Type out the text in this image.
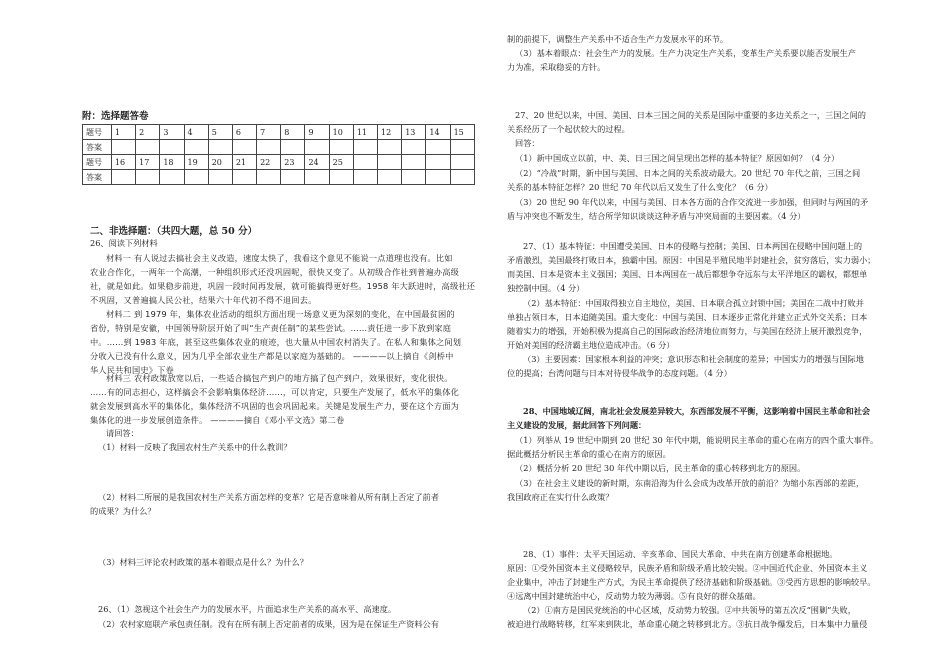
附：选择题答卷
题号	1	2	3	4	5	6	7	8	9	10	11	12	13	14	15
答案															
题号	16	17	18	19	20	21	22	23	24	25					
答案															
二、非选择题：（共四大题，总 50 分）

26、阅读下列材料

材料一 有人说过去搞社会主义改造，速度太快了，我看这个意见不能说一点道理也没有。比如

农业合作化，一两年一个高潮，一种组织形式还没巩固呢，很快又变了。从初级合作社到普遍办高级

社，就是如此。如果稳步前进，巩固一段时间再发展，就可能搞得更好些。1958 年大跃进时，高级社还

不巩固，又普遍搞人民公社，结果六十年代初不得不退回去。

材料二 到 1979 年，集体农业活动的组织方面出现一场意义更为深刻的变化，在中国最贫困的

省份，特别是安徽，中国领导阶层开始了叫“生产责任制”的某些尝试。……责任进一步下放到家庭

中。……到 1983 年底，甚至这些集体农业的痕迹，也大量从中国农村消失了。在私人和集体之间划

分收入已没有什么意义，因为几乎全部农业生产都是以家庭为基础的。 ————以上摘自《剑桥中

华人民共和国史》下卷

材料三 农村政策放宽以后，一些适合搞包产到户的地方搞了包产到户，效果很好，变化很快。

……有的同志担心，这样搞会不会影响集体经济……，可以肯定，只要生产发展了，低水平的集体化

就会发展到高水平的集体化，集体经济不巩固的也会巩固起来。关键是发展生产力，要在这个方面为

集体化的进一步发展创造条件。 ————摘自《邓小平文选》第二卷

请回答：

（1）材料一反映了我国农村生产关系中的什么教训？

（2）材料二所展的是我国农村生产关系方面怎样的变革？它是否意味着从所有制上否定了前者

的成果？为什么？

（3）材料三评论农村政策的基本着眼点是什么？为什么？

26、（1）忽视这个社会生产力的发展水平，片面追求生产关系的高水平、高速度。

（2）农村家庭联产承包责任制。没有在所有制上否定前者的成果，因为是在保证生产资料公有

制的前提下，调整生产关系中不适合生产力发展水平的环节。

（3）基本着眼点：社会生产力的发展。生产力决定生产关系，变革生产关系要以能否发展生产

力为准，采取稳妥的方针。

27、20 世纪以来，中国、美国、日本三国之间的关系是国际中重要的多边关系之一，三国之间的

关系经历了一个起伏较大的过程。

回答：

（1）新中国成立以前，中、美、日三国之间呈现出怎样的基本特征？原因如何？（4 分）

（2）“冷战”时期，新中国与美国、日本之间的关系波动最大。20 世纪 70 年代之前，三国之间

关系的基本特征怎样？20 世纪 70 年代以后又发生了什么变化？（6 分）

（3）20 世纪 90 年代以来，中国与美国、日本各方面的合作交流进一步加强，但同时与两国的矛

盾与冲突也不断发生，结合所学知识谈谈这种矛盾与冲突局面的主要因素。（4 分）

27、（1）基本特征：中国遭受美国、日本的侵略与控制；美国、日本两国在侵略中国问题上的

矛盾激烈，美国最终打败日本，独霸中国。原因：中国是半殖民地半封建社会，贫穷落后，实力弱小；

而美国、日本是资本主义强国；美国、日本两国在一战后都想争夺远东与太平洋地区的霸权，都想单

独控制中国。（4 分）

（2）基本特征：中国取得独立自主地位，美国、日本联合孤立封锁中国；美国在二战中打败并

单独占领日本，日本追随美国。重大变化：中国与美国、日本逐步正常化并建立正式外交关系；日本

随着实力的增强，开始积极为提高自己的国际政治经济地位而努力，与美国在经济上展开激烈竞争，

开始对美国的经济霸主地位造成冲击。（6 分）

（3）主要因素：国家根本利益的冲突；意识形态和社会制度的差异；中国实力的增强与国际地

位的提高；台湾问题与日本对待侵华战争的态度问题。（4 分）

28、中国地域辽阔，南北社会发展差异较大，东西部发展不平衡，这影响着中国民主革命和社会

主义建设的发展，据此回答下列问题：

（1）列举从 19 世纪中期到 20 世纪 30 年代中期，能说明民主革命的重心在南方的四个重大事件。

据此概括分析民主革命的重心在南方的原因。

（2）概括分析 20 世纪 30 年代中期以后，民主革命的重心转移到北方的原因。

（3）在社会主义建设的新时期，东南沿海为什么会成为改革开放的前沿？为缩小东西部的差距，

我国政府正在实行什么政策？

28、（1）事件：太平天国运动、辛亥革命、国民大革命、中共在南方创建革命根据地。

原因：①受外国资本主义侵略较早，民族矛盾和阶级矛盾比较尖锐。②中国近代企业、外国资本主义

企业集中，冲击了封建生产方式，为民主革命提供了经济基础和阶级基础。③受西方思想的影响较早。

④远离中国封建统治中心，反动势力较为薄弱。⑤有良好的群众基础。

（2）①南方是国民党统治的中心区域，反动势力较强。②中共领导的第五次反“围剿”失败，

被迫进行战略转移，红军来到陕北，革命重心随之转移到北方。③抗日战争爆发后，日本集中力量侵
